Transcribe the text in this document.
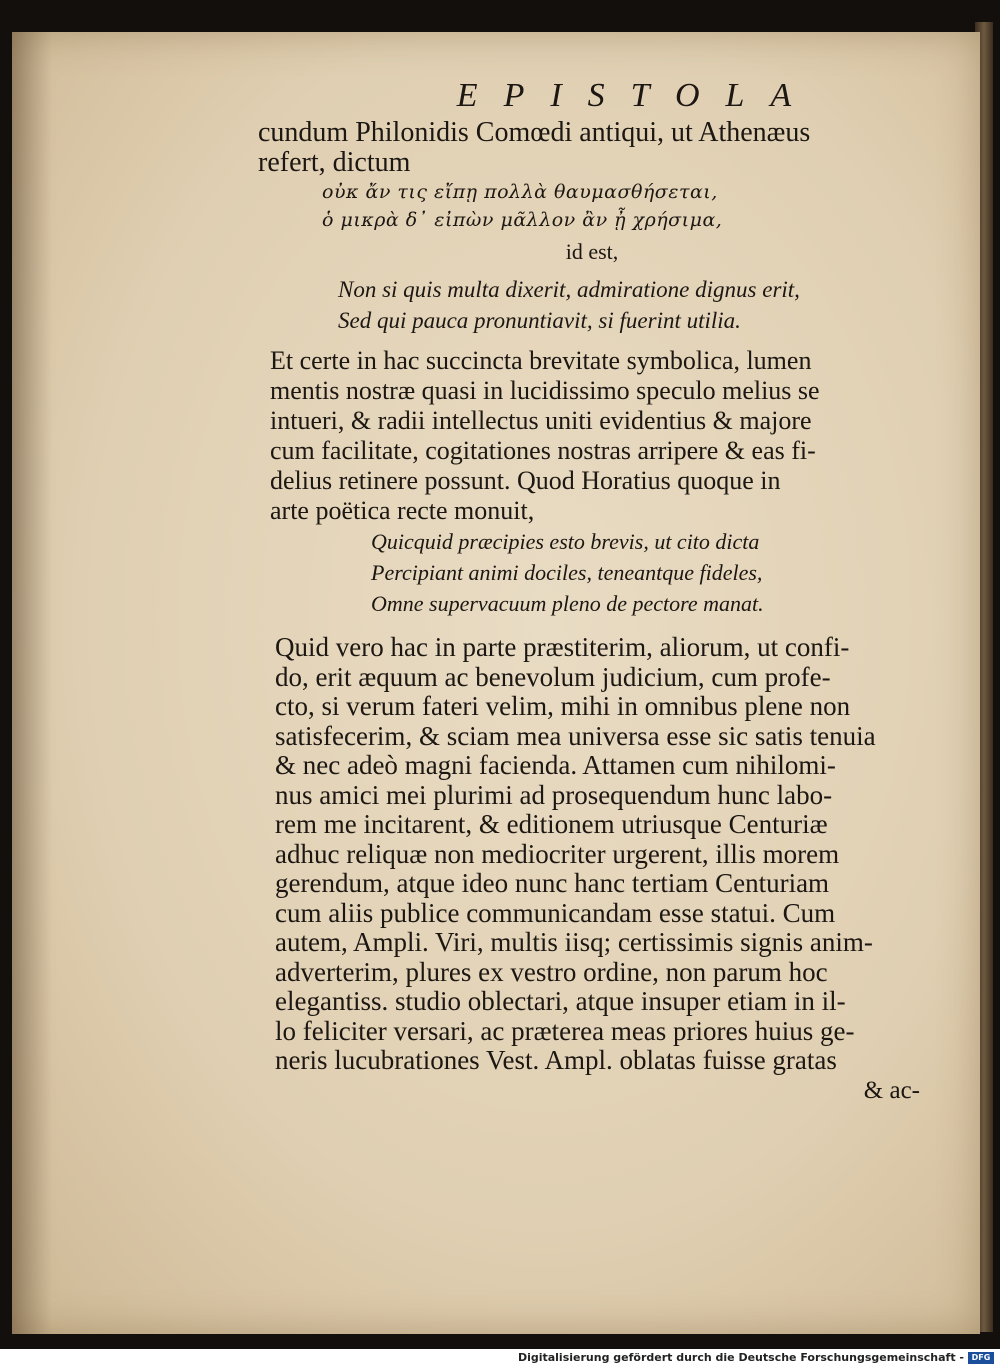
EPISTOLA
cundum Philonidis Comœdi antiqui, ut Athenæus
refert, dictum
οὐκ ἄν τις εἴπῃ πολλὰ θαυμασθήσεται,
ὁ μικρὰ δ᾽ εἰπὼν μᾶλλον ἂν ᾖ χρήσιμα,
id est,
Non si quis multa dixerit, admiratione dignus erit,
Sed qui pauca pronuntiavit, si fuerint utilia.
Et certe in hac succincta brevitate symbolica, lumen
mentis nostræ quasi in lucidissimo speculo melius se
intueri, & radii intellectus uniti evidentius & majore
cum facilitate, cogitationes nostras arripere & eas fi-
delius retinere possunt. Quod Horatius quoque in
arte poëtica recte monuit,
Quicquid præcipies esto brevis, ut cito dicta
Percipiant animi dociles, teneantque fideles,
Omne supervacuum pleno de pectore manat.
Quid vero hac in parte præstiterim, aliorum, ut confi-
do, erit æquum ac benevolum judicium, cum profe-
cto, si verum fateri velim, mihi in omnibus plene non
satisfecerim, & sciam mea universa esse sic satis tenuia
& nec adeò magni facienda. Attamen cum nihilomi-
nus amici mei plurimi ad prosequendum hunc labo-
rem me incitarent, & editionem utriusque Centuriæ
adhuc reliquæ non mediocriter urgerent, illis morem
gerendum, atque ideo nunc hanc tertiam Centuriam
cum aliis publice communicandam esse statui. Cum
autem, Ampli. Viri, multis iisq; certissimis signis anim-
adverterim, plures ex vestro ordine, non parum hoc
elegantiss. studio oblectari, atque insuper etiam in il-
lo feliciter versari, ac præterea meas priores huius ge-
neris lucubrationes Vest. Ampl. oblatas fuisse gratas
& ac-
Digitalisierung gefördert durch die Deutsche Forschungsgemeinschaft - DFG
